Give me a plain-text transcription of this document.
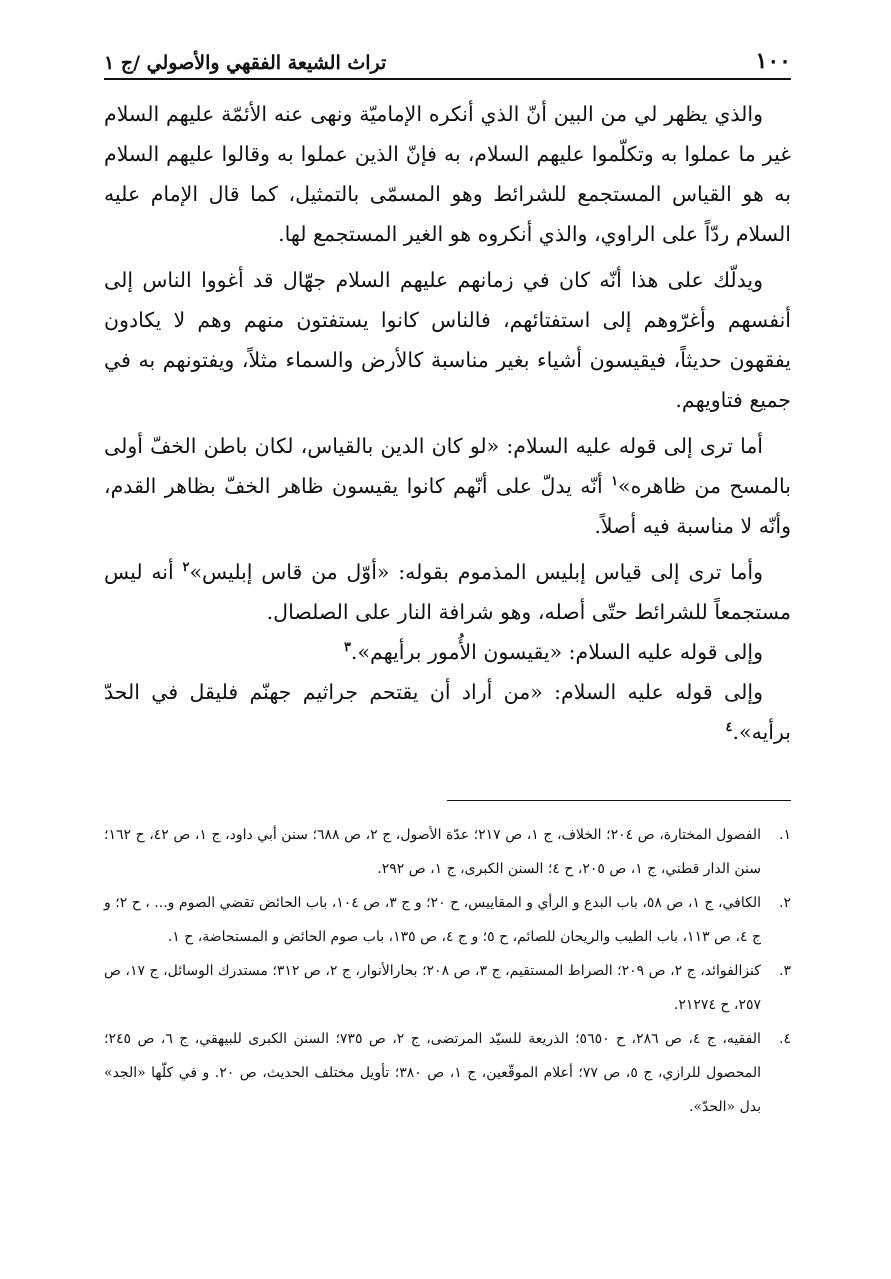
١٠٠
تراث الشيعة الفقهي والأصولي /ج ١

والذي يظهر لي من البين أنّ الذي أنكره الإماميّة ونهى عنه الأئمّة عليهم السلام غير ما عملوا به وتكلّموا عليهم السلام، به فإنّ الذين عملوا به وقالوا عليهم السلام به هو القياس المستجمع للشرائط وهو المسمّى بالتمثيل، كما قال الإمام عليه السلام ردّاً على الراوي، والذي أنكروه هو الغير المستجمع لها.

ويدلّك على هذا أنّه كان في زمانهم عليهم السلام جهّال قد أغووا الناس إلى أنفسهم وأغرّوهم إلى استفتائهم، فالناس كانوا يستفتون منهم وهم لا يكادون يفقهون حديثاً، فيقيسون أشياء بغير مناسبة كالأرض والسماء مثلاً، ويفتونهم به في جميع فتاويهم.

أما ترى إلى قوله عليه السلام: «لو كان الدين بالقياس، لكان باطن الخفّ أولى بالمسح من ظاهره»$^١$ أنّه يدلّ على أنّهم كانوا يقيسون ظاهر الخفّ بظاهر القدم، وأنّه لا مناسبة فيه أصلاً.

وأما ترى إلى قياس إبليس المذموم بقوله: «أوّل من قاس إبليس»$^٢$ أنه ليس مستجمعاً للشرائط حتّى أصله، وهو شرافة النار على الصلصال.

وإلى قوله عليه السلام: «يقيسون الأُمور برأيهم».$^٣$

وإلى قوله عليه السلام: «من أراد أن يقتحم جراثيم جهنّم فليقل في الحدّ برأيه».$^٤$

١.
الفصول المختارة، ص ٢٠٤؛ الخلاف، ج ١، ص ٢١٧؛ عدّة الأصول، ج ٢، ص ٦٨٨؛ سنن أبي داود، ج ١، ص ٤٢، ح ١٦٢؛ سنن الدار قطني، ج ١، ص ٢٠٥، ح ٤؛ السنن الكبرى، ج ١، ص ٢٩٢.
٢.
الكافي، ج ١، ص ٥٨، باب البدع و الرأي و المقاييس، ح ٢٠؛ و ج ٣، ص ١٠٤، باب الحائض تقضي الصوم و... ، ح ٢؛ و ج ٤، ص ١١٣، باب الطيب والريحان للصائم، ح ٥؛ و ج ٤، ص ١٣٥، باب صوم الحائض و المستحاضة، ح ١.
٣.
كنزالفوائد، ج ٢، ص ٢٠٩؛ الصراط المستقيم، ج ٣، ص ٢٠٨؛ بحارالأنوار، ج ٢، ص ٣١٢؛ مستدرك الوسائل، ج ١٧، ص ٢٥٧، ح ٢١٢٧٤.
٤.
الفقيه، ج ٤، ص ٢٨٦، ح ٥٦٥٠؛ الذريعة للسيّد المرتضى، ج ٢، ص ٧٣٥؛ السنن الكبرى للبيهقي، ج ٦، ص ٢٤٥؛ المحصول للرازي، ج ٥، ص ٧٧؛ أعلام الموقّعين، ج ١، ص ٣٨٠؛ تأويل مختلف الحديث، ص ٢٠. و في كلّها «الجد» بدل «الحدّ».
